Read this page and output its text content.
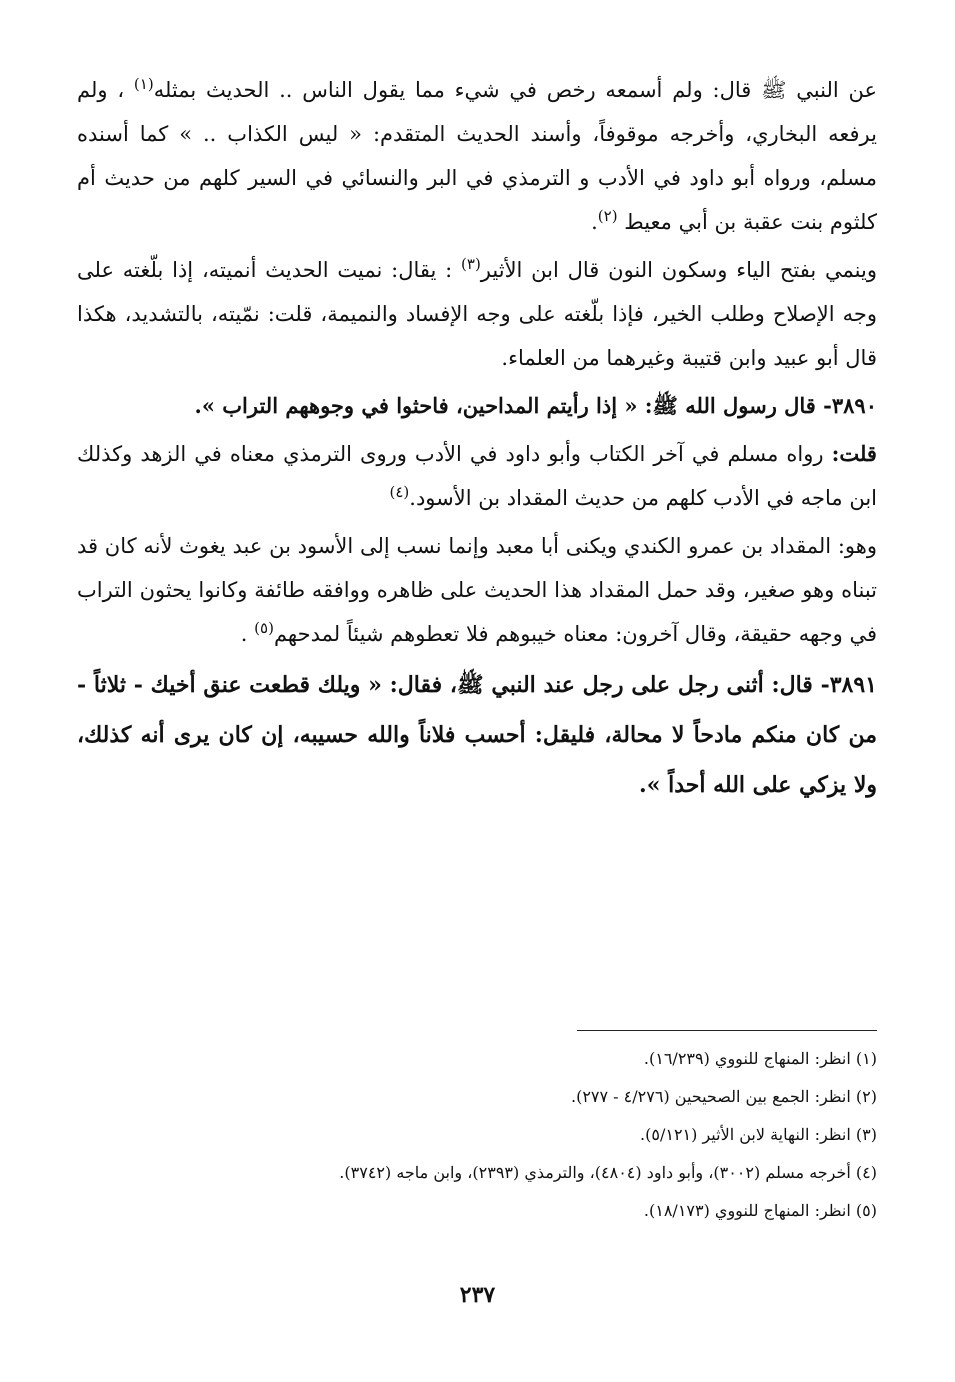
عن النبي ﷺ قال: ولم أسمعه رخص في شيء مما يقول الناس .. الحديث بمثله$^{(١)}$ ، ولم يرفعه البخاري، وأخرجه موقوفاً، وأسند الحديث المتقدم: « ليس الكذاب .. » كما أسنده مسلم، ورواه أبو داود في الأدب و الترمذي في البر والنسائي في السير كلهم من حديث أم كلثوم بنت عقبة بن أبي معيط $^{(٢)}$.

وينمي بفتح الياء وسكون النون قال ابن الأثير$^{(٣)}$ : يقال: نميت الحديث أنميته، إذا بلّغته على وجه الإصلاح وطلب الخير، فإذا بلّغته على وجه الإفساد والنميمة، قلت: نمّيته، بالتشديد، هكذا قال أبو عبيد وابن قتيبة وغيرهما من العلماء.

٣٨٩٠- قال رسول الله ﷺ: « إذا رأيتم المداحين، فاحثوا في وجوههم التراب ».

قلت: رواه مسلم في آخر الكتاب وأبو داود في الأدب وروى الترمذي معناه في الزهد وكذلك ابن ماجه في الأدب كلهم من حديث المقداد بن الأسود.$^{(٤)}$

وهو: المقداد بن عمرو الكندي ويكنى أبا معبد وإنما نسب إلى الأسود بن عبد يغوث لأنه كان قد تبناه وهو صغير، وقد حمل المقداد هذا الحديث على ظاهره ووافقه طائفة وكانوا يحثون التراب في وجهه حقيقة، وقال آخرون: معناه خيبوهم فلا تعطوهم شيئاً لمدحهم$^{(٥)}$ .

٣٨٩١- قال: أثنى رجل على رجل عند النبي ﷺ، فقال: « ويلك قطعت عنق أخيك - ثلاثاً - من كان منكم مادحاً لا محالة، فليقل: أحسب فلاناً والله حسيبه، إن كان يرى أنه كذلك، ولا يزكي على الله أحداً ».

(١) انظر: المنهاج للنووي (١٦/٢٣٩).

(٢) انظر: الجمع بين الصحيحين (٤/٢٧٦ - ٢٧٧).

(٣) انظر: النهاية لابن الأثير (٥/١٢١).

(٤) أخرجه مسلم (٣٠٠٢)، وأبو داود (٤٨٠٤)، والترمذي (٢٣٩٣)، وابن ماجه (٣٧٤٢).

(٥) انظر: المنهاج للنووي (١٨/١٧٣).

٢٣٧
